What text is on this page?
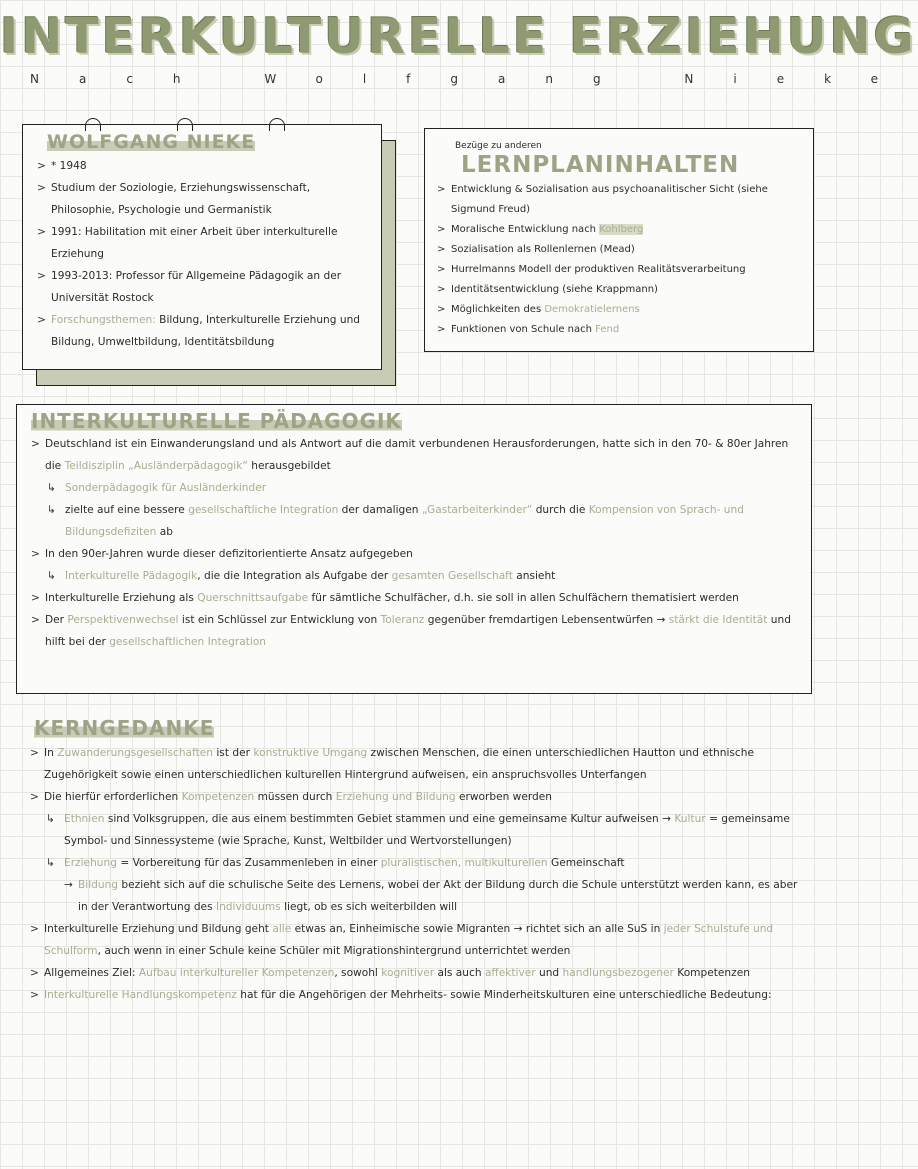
INTERKULTURELLE ERZIEHUNG
Nach Wolfgang Nieke
WOLFGANG NIEKE
> * 1948
> Studium der Soziologie, Erziehungswissenschaft, Philosophie, Psychologie und Germanistik
> 1991: Habilitation mit einer Arbeit über interkulturelle Erziehung
> 1993-2013: Professor für Allgemeine Pädagogik an der Universität Rostock
> Forschungsthemen: Bildung, Interkulturelle Erziehung und Bildung, Umweltbildung, Identitätsbildung
Bezüge zu anderen LERNPLANINHALTEN
> Entwicklung & Sozialisation aus psychoanalitischer Sicht (siehe Sigmund Freud)
> Moralische Entwicklung nach Kohlberg
> Sozialisation als Rollenlernen (Mead)
> Hurrelmanns Modell der produktiven Realitätsverarbeitung
> Identitätsentwicklung (siehe Krappmann)
> Möglichkeiten des Demokratielernens
> Funktionen von Schule nach Fend
INTERKULTURELLE PÄDAGOGIK
> Deutschland ist ein Einwanderungsland und als Antwort auf die damit verbundenen Herausforderungen, hatte sich in den 70- & 80er Jahren die Teildisziplin „Ausländerpädagogik“ herausgebildet
↳ Sonderpädagogik für Ausländerkinder
↳ zielte auf eine bessere gesellschaftliche Integration der damaligen „Gastarbeiterkinder“ durch die Kompension von Sprach- und Bildungsdefiziten ab
> In den 90er-Jahren wurde dieser defizitorientierte Ansatz aufgegeben
↳ Interkulturelle Pädagogik, die die Integration als Aufgabe der gesamten Gesellschaft ansieht
> Interkulturelle Erziehung als Querschnittsaufgabe für sämtliche Schulfächer, d.h. sie soll in allen Schulfächern thematisiert werden
> Der Perspektivenwechsel ist ein Schlüssel zur Entwicklung von Toleranz gegenüber fremdartigen Lebensentwürfen → stärkt die Identität und hilft bei der gesellschaftlichen Integration
KERNGEDANKE
> In Zuwanderungsgesellschaften ist der konstruktive Umgang zwischen Menschen, die einen unterschiedlichen Hautton und ethnische Zugehörigkeit sowie einen unterschiedlichen kulturellen Hintergrund aufweisen, ein anspruchsvolles Unterfangen
> Die hierfür erforderlichen Kompetenzen müssen durch Erziehung und Bildung erworben werden
↳ Ethnien sind Volksgruppen, die aus einem bestimmten Gebiet stammen und eine gemeinsame Kultur aufweisen → Kultur = gemeinsame Symbol- und Sinnessysteme (wie Sprache, Kunst, Weltbilder und Wertvorstellungen)
↳ Erziehung = Vorbereitung für das Zusammenleben in einer pluralistischen, multikulturellen Gemeinschaft
→ Bildung bezieht sich auf die schulische Seite des Lernens, wobei der Akt der Bildung durch die Schule unterstützt werden kann, es aber in der Verantwortung des Individuums liegt, ob es sich weiterbilden will
> Interkulturelle Erziehung und Bildung geht alle etwas an, Einheimische sowie Migranten → richtet sich an alle SuS in jeder Schulstufe und Schulform, auch wenn in einer Schule keine Schüler mit Migrationshintergrund unterrichtet werden
> Allgemeines Ziel: Aufbau interkultureller Kompetenzen, sowohl kognitiver als auch affektiver und handlungsbezogener Kompetenzen
> Interkulturelle Handlungskompetenz hat für die Angehörigen der Mehrheits- sowie Minderheitskulturen eine unterschiedliche Bedeutung:
